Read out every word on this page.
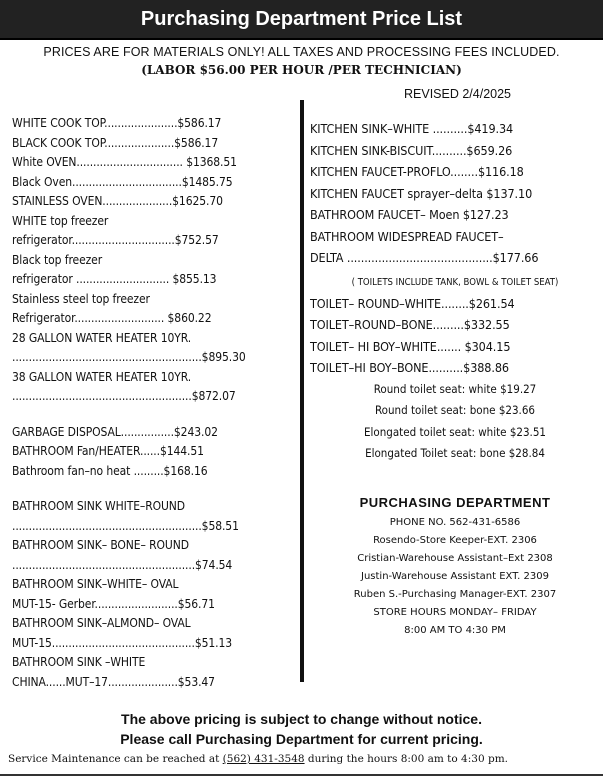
Purchasing Department Price List
PRICES ARE FOR MATERIALS ONLY! ALL TAXES AND PROCESSING FEES INCLUDED.
(LABOR $56.00 PER HOUR /PER TECHNICIAN)
REVISED 2/4/2025
WHITE COOK TOP......................$586.17
BLACK COOK TOP.....................$586.17
White OVEN................................ $1368.51
Black Oven.................................$1485.75
STAINLESS OVEN.....................$1625.70
WHITE top freezer
refrigerator...............................$752.57
Black top freezer
refrigerator ............................ $855.13
Stainless steel top freezer
Refrigerator........................... $860.22
28 GALLON WATER HEATER 10YR.
.........................................................$895.30
38 GALLON WATER HEATER 10YR.
......................................................$872.07
GARBAGE DISPOSAL................$243.02
BATHROOM Fan/HEATER......$144.51
Bathroom fan–no heat .........$168.16
BATHROOM SINK WHITE–ROUND
.........................................................$58.51
BATHROOM SINK– BONE– ROUND
.......................................................$74.54
BATHROOM SINK–WHITE– OVAL
MUT-15- Gerber.........................$56.71
BATHROOM SINK–ALMOND– OVAL
MUT-15...........................................$51.13
BATHROOM SINK –WHITE
CHINA......MUT–17.....................$53.47
KITCHEN SINK–WHITE ..........$419.34
KITCHEN SINK-BISCUIT..........$659.26
KITCHEN FAUCET-PROFLO........$116.18
KITCHEN FAUCET sprayer–delta $137.10
BATHROOM FAUCET– Moen $127.23
BATHROOM WIDESPREAD FAUCET–
DELTA ..........................................$177.66
( TOILETS INCLUDE TANK, BOWL & TOILET SEAT)
TOILET– ROUND–WHITE........$261.54
TOILET–ROUND–BONE.........$332.55
TOILET– HI BOY–WHITE....... $304.15
TOILET–HI BOY–BONE..........$388.86
Round toilet seat: white $19.27
Round toilet seat: bone $23.66
Elongated toilet seat: white $23.51
Elongated Toilet seat: bone $28.84
PURCHASING DEPARTMENT
PHONE NO. 562-431-6586
Rosendo-Store Keeper-EXT. 2306
Cristian-Warehouse Assistant–Ext 2308
Justin-Warehouse Assistant EXT. 2309
Ruben S.-Purchasing Manager-EXT. 2307
STORE HOURS MONDAY– FRIDAY
8:00 AM TO 4:30 PM
The above pricing is subject to change without notice.
Please call Purchasing Department for current pricing.
Service Maintenance can be reached at (562) 431-3548 during the hours 8:00 am to 4:30 pm.
